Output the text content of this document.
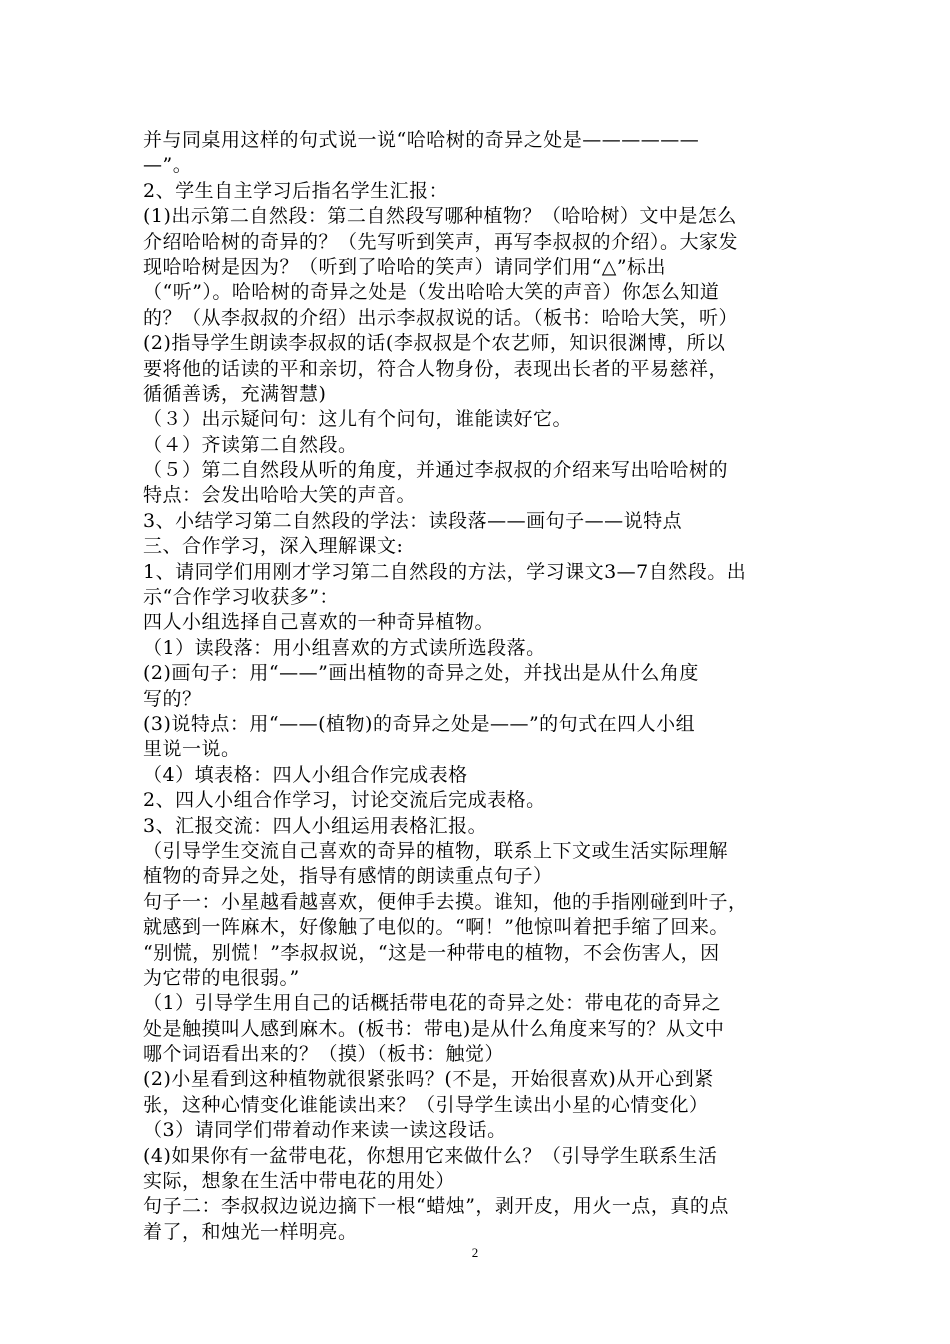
并与同桌用这样的句式说一说“哈哈树的奇异之处是——————
—”。
2、学生自主学习后指名学生汇报：
(1)出示第二自然段：第二自然段写哪种植物？（哈哈树）文中是怎么
介绍哈哈树的奇异的？（先写听到笑声，再写李叔叔的介绍）。大家发
现哈哈树是因为？（听到了哈哈的笑声）请同学们用“△”标出
（“听”）。哈哈树的奇异之处是（发出哈哈大笑的声音）你怎么知道
的？（从李叔叔的介绍）出示李叔叔说的话。（板书：哈哈大笑，听）
(2)指导学生朗读李叔叔的话(李叔叔是个农艺师，知识很渊博，所以
要将他的话读的平和亲切，符合人物身份，表现出长者的平易慈祥，
循循善诱，充满智慧)
（３）出示疑问句：这儿有个问句，谁能读好它。
（４）齐读第二自然段。
（５）第二自然段从听的角度，并通过李叔叔的介绍来写出哈哈树的
特点：会发出哈哈大笑的声音。
3、小结学习第二自然段的学法：读段落——画句子——说特点
三、合作学习，深入理解课文:
1、请同学们用刚才学习第二自然段的方法，学习课文3—7自然段。出
示“合作学习收获多”：
四人小组选择自己喜欢的一种奇异植物。
（1）读段落：用小组喜欢的方式读所选段落。
(2)画句子：用“——”画出植物的奇异之处，并找出是从什么角度
写的？
(3)说特点：用“——(植物)的奇异之处是——”的句式在四人小组
里说一说。
（4）填表格：四人小组合作完成表格
2、四人小组合作学习，讨论交流后完成表格。
3、汇报交流：四人小组运用表格汇报。
（引导学生交流自己喜欢的奇异的植物，联系上下文或生活实际理解
植物的奇异之处，指导有感情的朗读重点句子）
句子一：小星越看越喜欢，便伸手去摸。谁知，他的手指刚碰到叶子，
就感到一阵麻木，好像触了电似的。“啊！”他惊叫着把手缩了回来。
“别慌，别慌！”李叔叔说，“这是一种带电的植物，不会伤害人，因
为它带的电很弱。”
（1）引导学生用自己的话概括带电花的奇异之处：带电花的奇异之
处是触摸叫人感到麻木。(板书：带电)是从什么角度来写的？从文中
哪个词语看出来的？（摸）（板书：触觉）
(2)小星看到这种植物就很紧张吗？(不是，开始很喜欢)从开心到紧
张，这种心情变化谁能读出来？（引导学生读出小星的心情变化）
（3）请同学们带着动作来读一读这段话。
(4)如果你有一盆带电花，你想用它来做什么？（引导学生联系生活
实际，想象在生活中带电花的用处）
句子二：李叔叔边说边摘下一根“蜡烛”，剥开皮，用火一点，真的点
着了，和烛光一样明亮。
2
